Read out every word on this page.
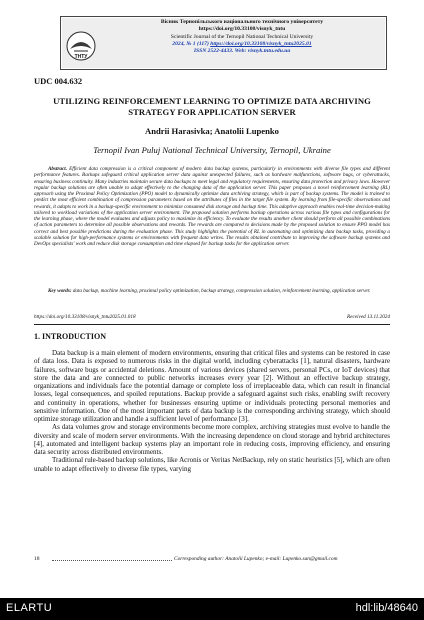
ТНТУ
Вісник Тернопільського національного технічного університету
https://doi.org/10.33108/visnyk_tntu
Scientific Journal of the Ternopil National Technical University
2024, № 1 (117) https://doi.org/10.33108/visnyk_tntu2025.01
ISSN 2522-4433. Web: visnyk.tntu.edu.ua
UDC 004.632
UTILIZING REINFORCEMENT LEARNING TO OPTIMIZE DATA ARCHIVING STRATEGY FOR APPLICATION SERVER
Andrii Harasivka; Anatolii Lupenko
Ternopil Ivan Puluj National Technical University, Ternopil, Ukraine
Abstract. Efficient data compression is a critical component of modern data backup systems, particularly in environments with diverse file types and different performance features. Backups safeguard critical application server data against unexpected failures, such as hardware malfunctions, software bugs, or cyberattacks, ensuring business continuity. Many industries maintain secure data backups to meet legal and regulatory requirements, ensuring data protection and privacy laws. However regular backup solutions are often unable to adapt effectively to the changing data of the application server. This paper proposes a novel reinforcement learning (RL) approach using the Proximal Policy Optimization (PPO) model to dynamically optimize data archiving strategy, which is part of backup systems. The model is trained to predict the most efficient combination of compression parameters based on the attributes of files in the target file system. By learning from file-specific observations and rewards, it adapts to work in a backup-specific environment to minimize consumed disk storage and backup time. This adaptive approach enables real-time decision-making tailored to workload variations of the application server environment. The proposed solution performs backup operations across various file types and configurations for the learning phase, where the model evaluates and adjusts policy to maximize its efficiency. To evaluate the results another client should perform all possible combinations of action parameters to determine all possible observations and rewards. The rewards are compared to decisions made by the proposed solution to ensure PPO model has correct and best possible predictions during the evaluation phase. This study highlights the potential of RL in automating and optimizing data backup tasks, providing a scalable solution for high-performance systems or environments with frequent data writes. The results obtained contribute to improving the software backup systems and DevOps specialists' work and reduce disk storage consumption and time elapsed for backup tasks for the application server.
Key words: data backup, machine learning, proximal policy optimization, backup strategy, compression solution, reinforcement learning, application server.
https://doi.org/10.33108/visnyk_tntu2025.01.018	Received 13.11.2024
1. INTRODUCTION

Data backup is a main element of modern environments, ensuring that critical files and systems can be restored in case of data loss. Data is exposed to numerous risks in the digital world, including cyberattacks [1], natural disasters, hardware failures, software bugs or accidental deletions. Amount of various devices (shared servers, personal PCs, or IoT devices) that store the data and are connected to public networks increases every year [2]. Without an effective backup strategy, organizations and individuals face the potential damage or complete loss of irreplaceable data, which can result in financial losses, legal consequences, and spoiled reputations. Backup provide a safeguard against such risks, enabling swift recovery and continuity in operations, whether for businesses ensuring uptime or individuals protecting personal memories and sensitive information. One of the most important parts of data backup is the corresponding archiving strategy, which should optimize storage utilization and handle a sufficient level of performance [3].

As data volumes grow and storage environments become more complex, archiving strategies must evolve to handle the diversity and scale of modern server environments. With the increasing dependence on cloud storage and hybrid architectures [4], automated and intelligent backup systems play an important role in reducing costs, improving efficiency, and ensuring data security across distributed environments.

Traditional rule-based backup solutions, like Acronis or Veritas NetBackup, rely on static heuristics [5], which are often unable to adapt effectively to diverse file types, varying

18	Corresponding author: Anatolii Lupenko; e-mail: Lupenko.san@gmail.com
ELARTU	hdl:lib/48640
